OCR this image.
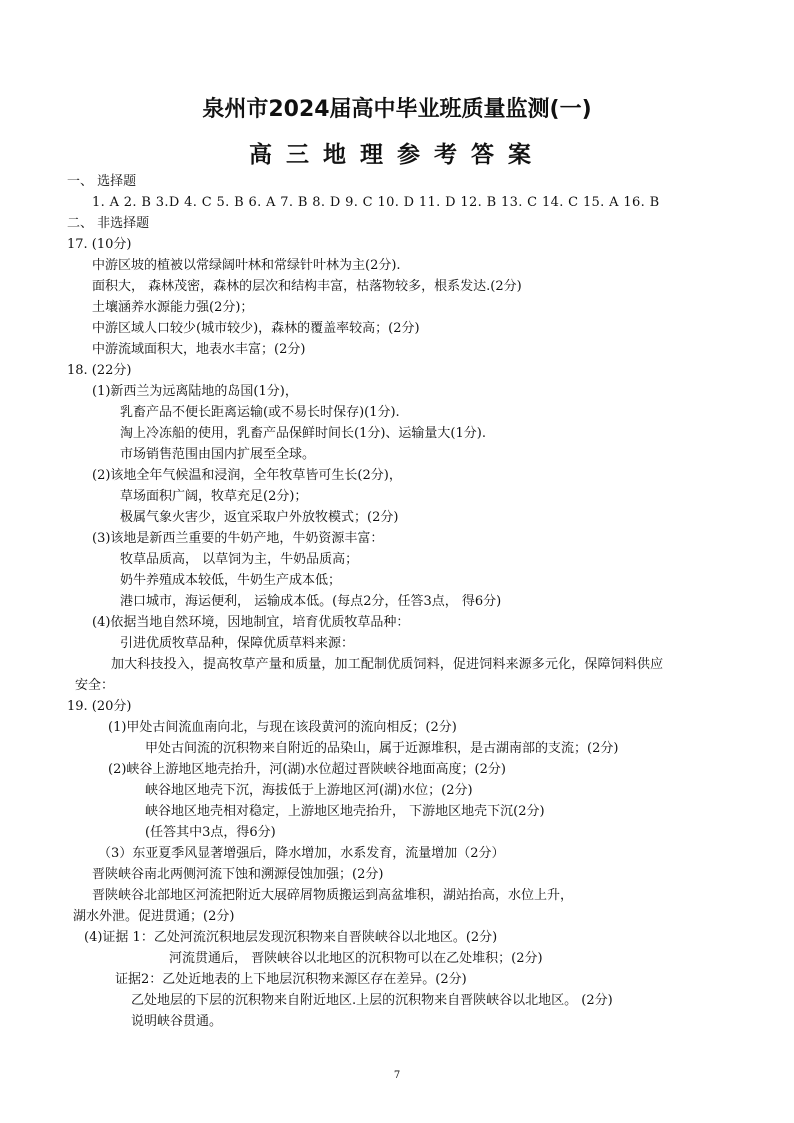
泉州市2024届高中毕业班质量监测(一)
高三地理参考答案
一、 选择题
1. A 2. B 3.D 4. C 5. B 6. A 7. B 8. D 9. C 10. D 11. D 12. B 13. C 14. C 15. A 16. B
二、 非选择题
17. (10分)
中游区坡的植被以常绿阔叶林和常绿针叶林为主(2分).
面积大， 森林茂密，森林的层次和结构丰富，枯落物较多，根系发达.(2分)
土壤涵养水源能力强(2分)；
中游区域人口较少(城市较少)，森林的覆盖率较高；(2分)
中游流域面积大，地表水丰富；(2分)
18. (22分)
(1)新西兰为远离陆地的岛国(1分)，
乳畜产品不便长距离运输(或不易长时保存)(1分).
淘上冷冻船的使用，乳畜产品保鲜时间长(1分)、运输量大(1分).
市场销售范围由国内扩展至全球。
(2)该地全年气候温和浸润，全年牧草皆可生长(2分)，
草场面积广阔，牧草充足(2分)；
极属气象火害少，返宜采取户外放牧模式；(2分)
(3)该地是新西兰重要的牛奶产地，牛奶资源丰富：
牧草品质高， 以草饲为主，牛奶品质高；
奶牛养殖成本较低，牛奶生产成本低；
港口城市，海运便利， 运输成本低。(每点2分，任答3点， 得6分)
(4)依据当地自然环境，因地制宜，培育优质牧草品种：
引进优质牧草品种，保障优质草料来源：
加大科技投入，提高牧草产量和质量，加工配制优质饲料，促进饲料来源多元化，保障饲料供应
安全：
19. (20分)
(1)甲处古间流血南向北，与现在该段黄河的流向相反；(2分)
甲处古间流的沉积物来自附近的品染山，属于近源堆积，是古湖南部的支流；(2分)
(2)峡谷上游地区地壳抬升，河(湖)水位超过晋陕峡谷地面高度；(2分)
峡谷地区地壳下沉，海拔低于上游地区河(湖)水位；(2分)
峡谷地区地壳相对稳定，上游地区地壳抬升， 下游地区地壳下沉(2分)
(任答其中3点，得6分)
（3）东亚夏季风显著增强后，降水增加，水系发育，流量增加（2分）
晋陕峡谷南北两侧河流下蚀和溯源侵蚀加强；(2分)
晋陕峡谷北部地区河流把附近大展碎屑物质搬运到高盆堆积，湖站抬高，水位上升，
湖水外泄。促进贯通；(2分)
(4)证据 1：乙处河流沉积地层发现沉积物来自晋陕峡谷以北地区。(2分)
河流贯通后， 晋陕峡谷以北地区的沉积物可以在乙处堆积；(2分)
证据2：乙处近地表的上下地层沉积物来源区存在差异。(2分)
乙处地层的下层的沉积物来自附近地区.上层的沉积物来自晋陕峡谷以北地区。 (2分)
说明峡谷贯通。
7
